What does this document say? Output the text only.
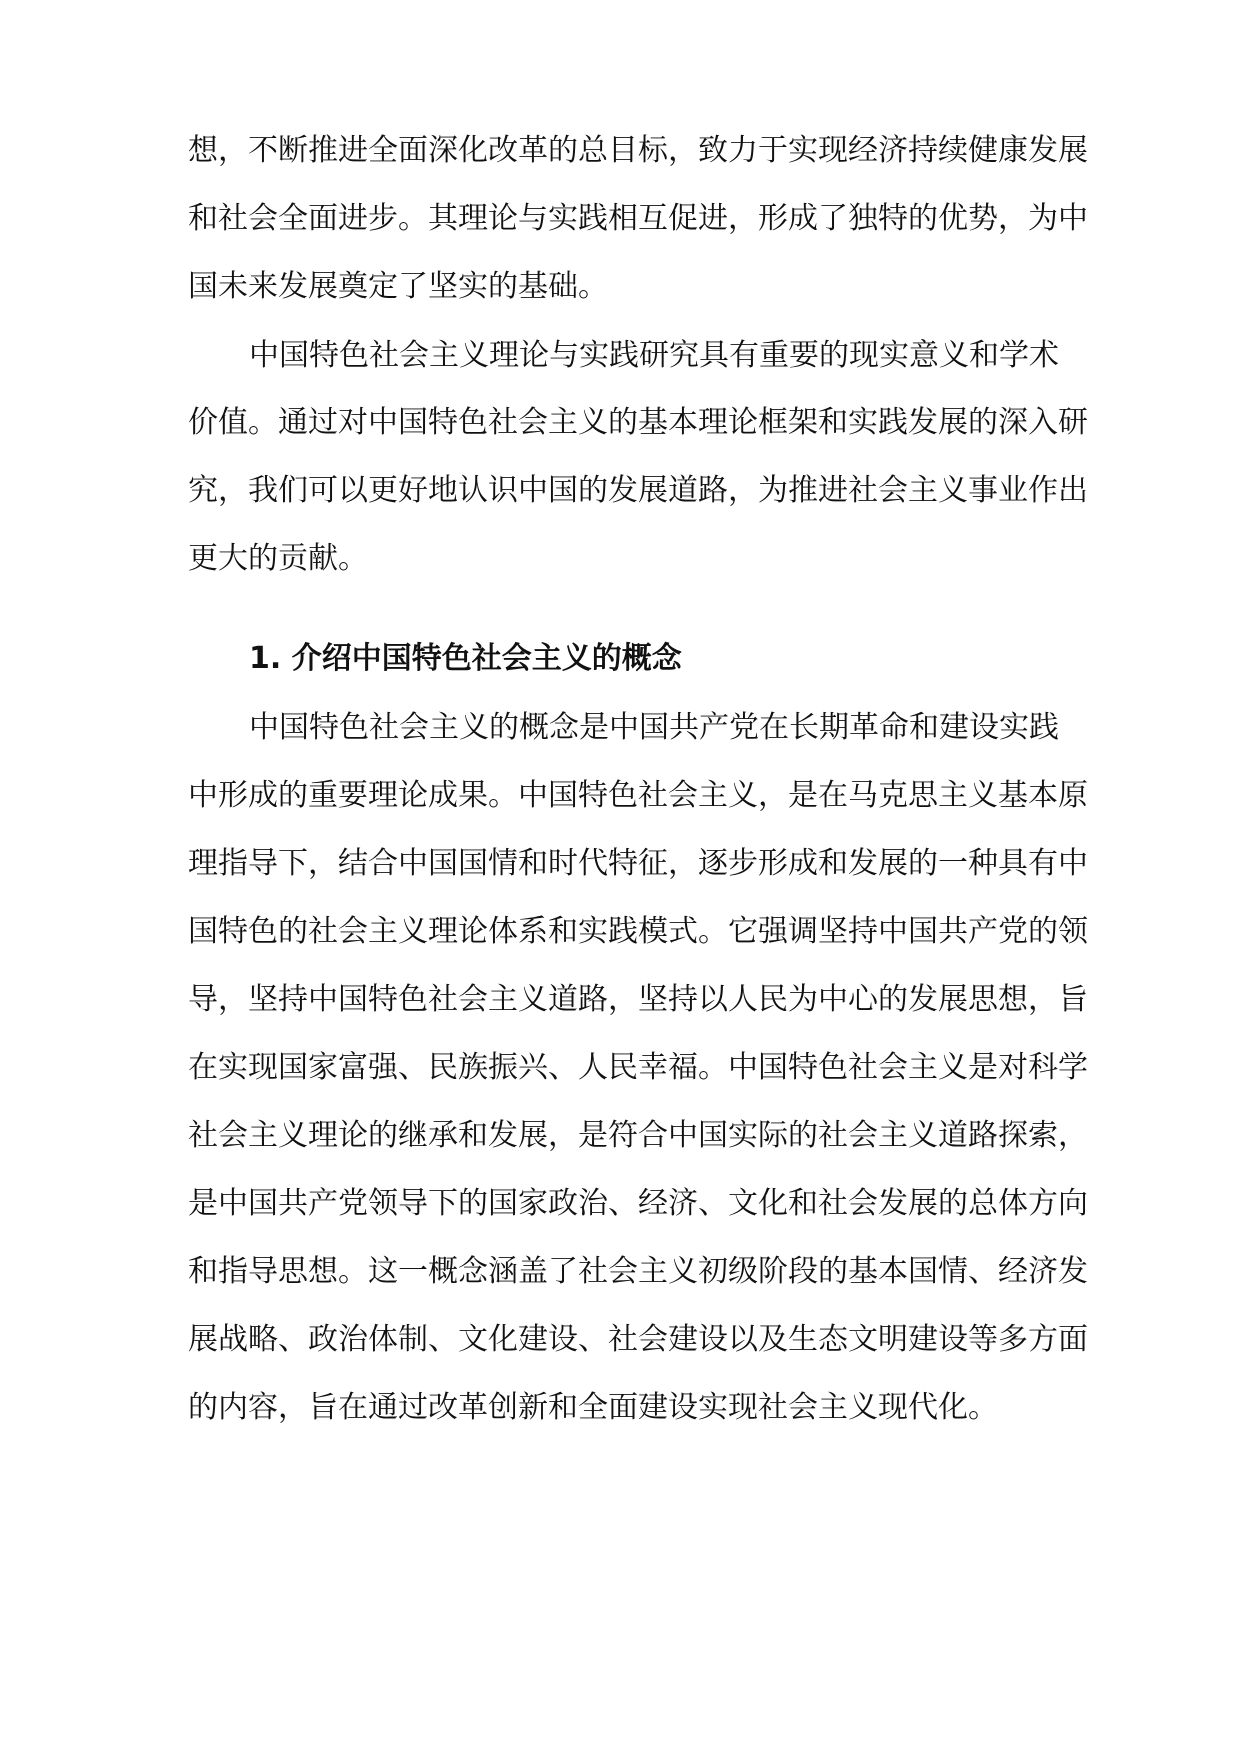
想，不断推进全面深化改革的总目标，致力于实现经济持续健康发展
和社会全面进步。其理论与实践相互促进，形成了独特的优势，为中
国未来发展奠定了坚实的基础。
中国特色社会主义理论与实践研究具有重要的现实意义和学术
价值。通过对中国特色社会主义的基本理论框架和实践发展的深入研
究，我们可以更好地认识中国的发展道路，为推进社会主义事业作出
更大的贡献。
1. 介绍中国特色社会主义的概念
中国特色社会主义的概念是中国共产党在长期革命和建设实践
中形成的重要理论成果。中国特色社会主义，是在马克思主义基本原
理指导下，结合中国国情和时代特征，逐步形成和发展的一种具有中
国特色的社会主义理论体系和实践模式。它强调坚持中国共产党的领
导，坚持中国特色社会主义道路，坚持以人民为中心的发展思想，旨
在实现国家富强、民族振兴、人民幸福。中国特色社会主义是对科学
社会主义理论的继承和发展，是符合中国实际的社会主义道路探索，
是中国共产党领导下的国家政治、经济、文化和社会发展的总体方向
和指导思想。这一概念涵盖了社会主义初级阶段的基本国情、经济发
展战略、政治体制、文化建设、社会建设以及生态文明建设等多方面
的内容，旨在通过改革创新和全面建设实现社会主义现代化。
